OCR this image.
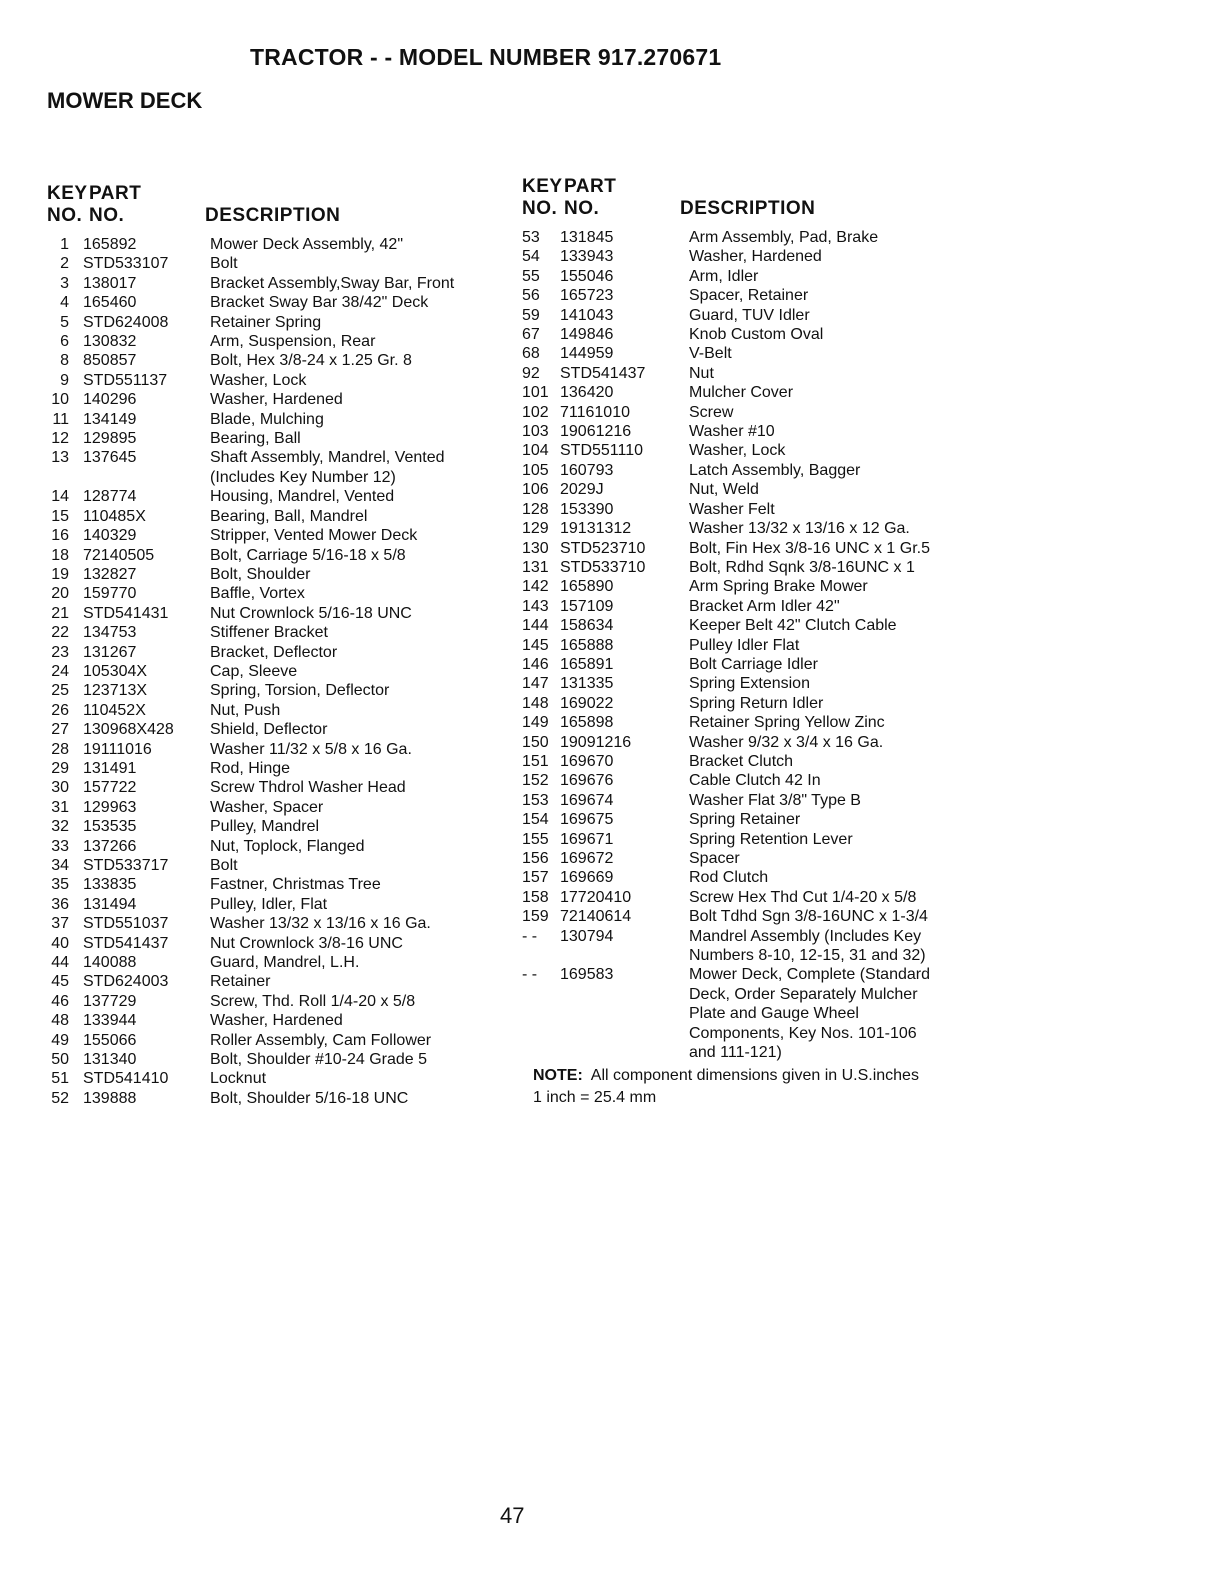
TRACTOR - - MODEL NUMBER 917.270671
MOWER DECK
KEY PART
NO. NO.	DESCRIPTION
1 165892	Mower Deck Assembly, 42"
2 STD533107	Bolt
3 138017	Bracket Assembly,Sway Bar, Front
4 165460	Bracket Sway Bar 38/42" Deck
5 STD624008	Retainer Spring
6 130832	Arm, Suspension, Rear
8 850857	Bolt, Hex 3/8-24 x 1.25 Gr. 8
9 STD551137	Washer, Lock
10 140296	Washer, Hardened
11 134149	Blade, Mulching
12 129895	Bearing, Ball
13 137645	Shaft Assembly, Mandrel, Vented
(Includes Key Number 12)
14 128774	Housing, Mandrel, Vented
15 110485X	Bearing, Ball, Mandrel
16 140329	Stripper, Vented Mower Deck
18 72140505	Bolt, Carriage 5/16-18 x 5/8
19 132827	Bolt, Shoulder
20 159770	Baffle, Vortex
21 STD541431	Nut Crownlock 5/16-18 UNC
22 134753	Stiffener Bracket
23 131267	Bracket, Deflector
24 105304X	Cap, Sleeve
25 123713X	Spring, Torsion, Deflector
26 110452X	Nut, Push
27 130968X428 Shield, Deflector
28 19111016	Washer 11/32 x 5/8 x 16 Ga.
29 131491	Rod, Hinge
30 157722	Screw Thdrol Washer Head
31 129963	Washer, Spacer
32 153535	Pulley, Mandrel
33 137266	Nut, Toplock, Flanged
34 STD533717	Bolt
35 133835	Fastner, Christmas Tree
36 131494	Pulley, Idler, Flat
37 STD551037	Washer 13/32 x 13/16 x 16 Ga.
40 STD541437	Nut Crownlock 3/8-16 UNC
44 140088	Guard, Mandrel, L.H.
45 STD624003	Retainer
46 137729	Screw, Thd. Roll 1/4-20 x 5/8
48 133944	Washer, Hardened
49 155066	Roller Assembly, Cam Follower
50 131340	Bolt, Shoulder #10-24 Grade 5
51 STD541410	Locknut
52 139888	Bolt, Shoulder 5/16-18 UNC
KEY PART
NO. NO.	DESCRIPTION
53 131845	Arm Assembly, Pad, Brake
54 133943	Washer, Hardened
55 155046	Arm, Idler
56 165723	Spacer, Retainer
59 141043	Guard, TUV Idler
67 149846	Knob Custom Oval
68 144959	V-Belt
92 STD541437	Nut
101 136420	Mulcher Cover
102 71161010	Screw
103 19061216	Washer #10
104 STD551110	Washer, Lock
105 160793	Latch Assembly, Bagger
106 2029J	Nut, Weld
128 153390	Washer Felt
129 19131312	Washer 13/32 x 13/16 x 12 Ga.
130 STD523710	Bolt, Fin Hex 3/8-16 UNC x 1 Gr.5
131 STD533710	Bolt, Rdhd Sqnk 3/8-16UNC x 1
142 165890	Arm Spring Brake Mower
143 157109	Bracket Arm Idler 42"
144 158634	Keeper Belt 42" Clutch Cable
145 165888	Pulley Idler Flat
146 165891	Bolt Carriage Idler
147 131335	Spring Extension
148 169022	Spring Return Idler
149 165898	Retainer Spring Yellow Zinc
150 19091216	Washer 9/32 x 3/4 x 16 Ga.
151 169670	Bracket Clutch
152 169676	Cable Clutch 42 In
153 169674	Washer Flat 3/8" Type B
154 169675	Spring Retainer
155 169671	Spring Retention Lever
156 169672	Spacer
157 169669	Rod Clutch
158 17720410	Screw Hex Thd Cut 1/4-20 x 5/8
159 72140614	Bolt Tdhd Sgn 3/8-16UNC x 1-3/4
- -	130794	Mandrel Assembly (Includes Key
Numbers 8-10, 12-15, 31 and 32)
- -	169583	Mower Deck, Complete (Standard
Deck, Order Separately Mulcher
Plate and Gauge Wheel
Components, Key Nos. 101-106
and 111-121)
NOTE: All component dimensions given in U.S.inches
1 inch = 25.4 mm
47
